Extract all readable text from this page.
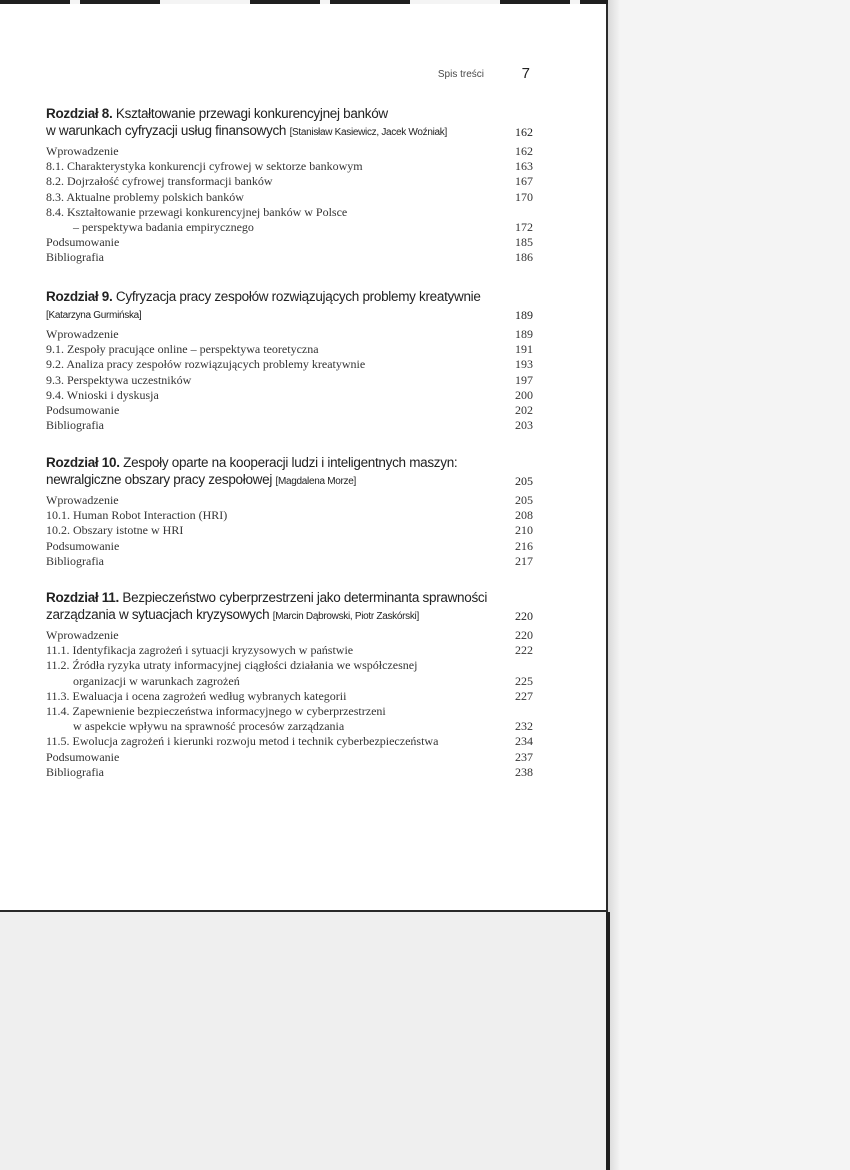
Spis treści	7
Rozdział 8. Kształtowanie przewagi konkurencyjnej banków
w warunkach cyfryzacji usług finansowych [Stanisław Kasiewicz, Jacek Woźniak]	162
Wprowadzenie	162
8.1. Charakterystyka konkurencji cyfrowej w sektorze bankowym	163
8.2. Dojrzałość cyfrowej transformacji banków	167
8.3. Aktualne problemy polskich banków	170
8.4. Kształtowanie przewagi konkurencyjnej banków w Polsce
– perspektywa badania empirycznego	172
Podsumowanie	185
Bibliografia	186
Rozdział 9. Cyfryzacja pracy zespołów rozwiązujących problemy kreatywnie
[Katarzyna Gurmińska]	189
Wprowadzenie	189
9.1. Zespoły pracujące online – perspektywa teoretyczna	191
9.2. Analiza pracy zespołów rozwiązujących problemy kreatywnie	193
9.3. Perspektywa uczestników	197
9.4. Wnioski i dyskusja	200
Podsumowanie	202
Bibliografia	203
Rozdział 10. Zespoły oparte na kooperacji ludzi i inteligentnych maszyn:
newralgiczne obszary pracy zespołowej [Magdalena Morze]	205
Wprowadzenie	205
10.1. Human Robot Interaction (HRI)	208
10.2. Obszary istotne w HRI	210
Podsumowanie	216
Bibliografia	217
Rozdział 11. Bezpieczeństwo cyberprzestrzeni jako determinanta sprawności
zarządzania w sytuacjach kryzysowych [Marcin Dąbrowski, Piotr Zaskórski]	220
Wprowadzenie	220
11.1. Identyfikacja zagrożeń i sytuacji kryzysowych w państwie	222
11.2. Źródła ryzyka utraty informacyjnej ciągłości działania we współczesnej
organizacji w warunkach zagrożeń	225
11.3. Ewaluacja i ocena zagrożeń według wybranych kategorii	227
11.4. Zapewnienie bezpieczeństwa informacyjnego w cyberprzestrzeni
w aspekcie wpływu na sprawność procesów zarządzania	232
11.5. Ewolucja zagrożeń i kierunki rozwoju metod i technik cyberbezpieczeństwa	234
Podsumowanie	237
Bibliografia	238
